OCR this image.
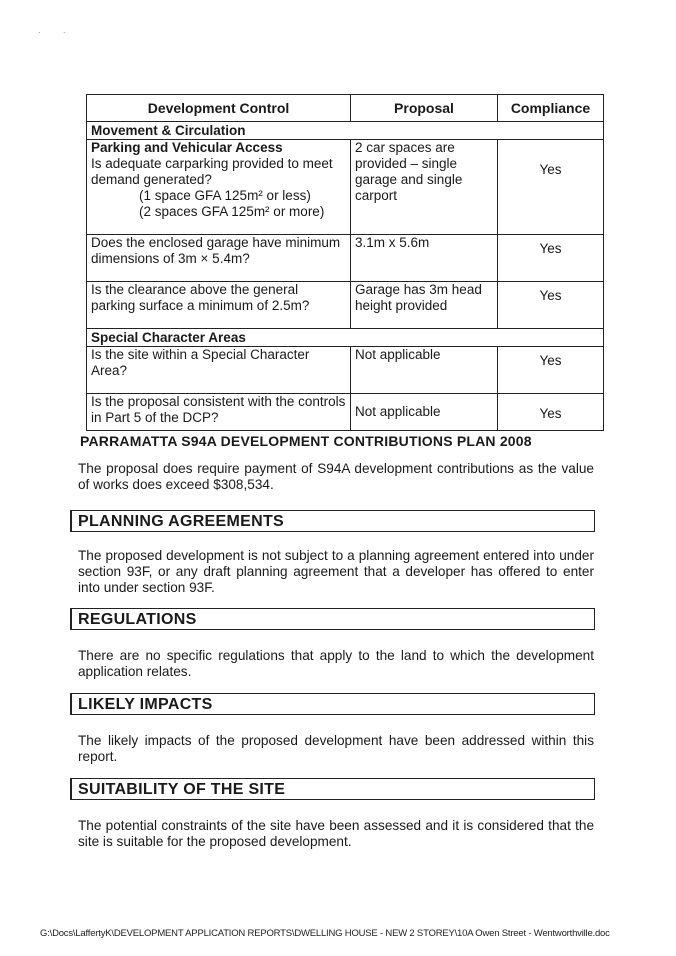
·          ·
Development Control	Proposal	Compliance
Movement & Circulation		

Parking and Vehicular Access
Is adequate carparking provided to meet demand generated?
(1 space GFA 125m² or less)
(2 spaces GFA 125m² or more)	2 car spaces are provided – single garage and single carport	Yes
Does the enclosed garage have minimum dimensions of 3m × 5.4m?	3.1m x 5.6m	Yes
Is the clearance above the general parking surface a minimum of 2.5m?	Garage has 3m head height provided	Yes
Special Character Areas		
Is the site within a Special Character Area?	Not applicable	Yes
Is the proposal consistent with the controls in Part 5 of the DCP?	Not applicable	Yes
PARRAMATTA S94A DEVELOPMENT CONTRIBUTIONS PLAN 2008
The proposal does require payment of S94A development contributions as the value of works does exceed $308,534.
PLANNING AGREEMENTS
The proposed development is not subject to a planning agreement entered into under section 93F, or any draft planning agreement that a developer has offered to enter into under section 93F.
REGULATIONS
There are no specific regulations that apply to the land to which the development application relates.
LIKELY IMPACTS
The likely impacts of the proposed development have been addressed within this report.
SUITABILITY OF THE SITE
The potential constraints of the site have been assessed and it is considered that the site is suitable for the proposed development.
G:\Docs\LaffertyK\DEVELOPMENT APPLICATION REPORTS\DWELLING HOUSE - NEW 2 STOREY\10A Owen Street - Wentworthville.doc
